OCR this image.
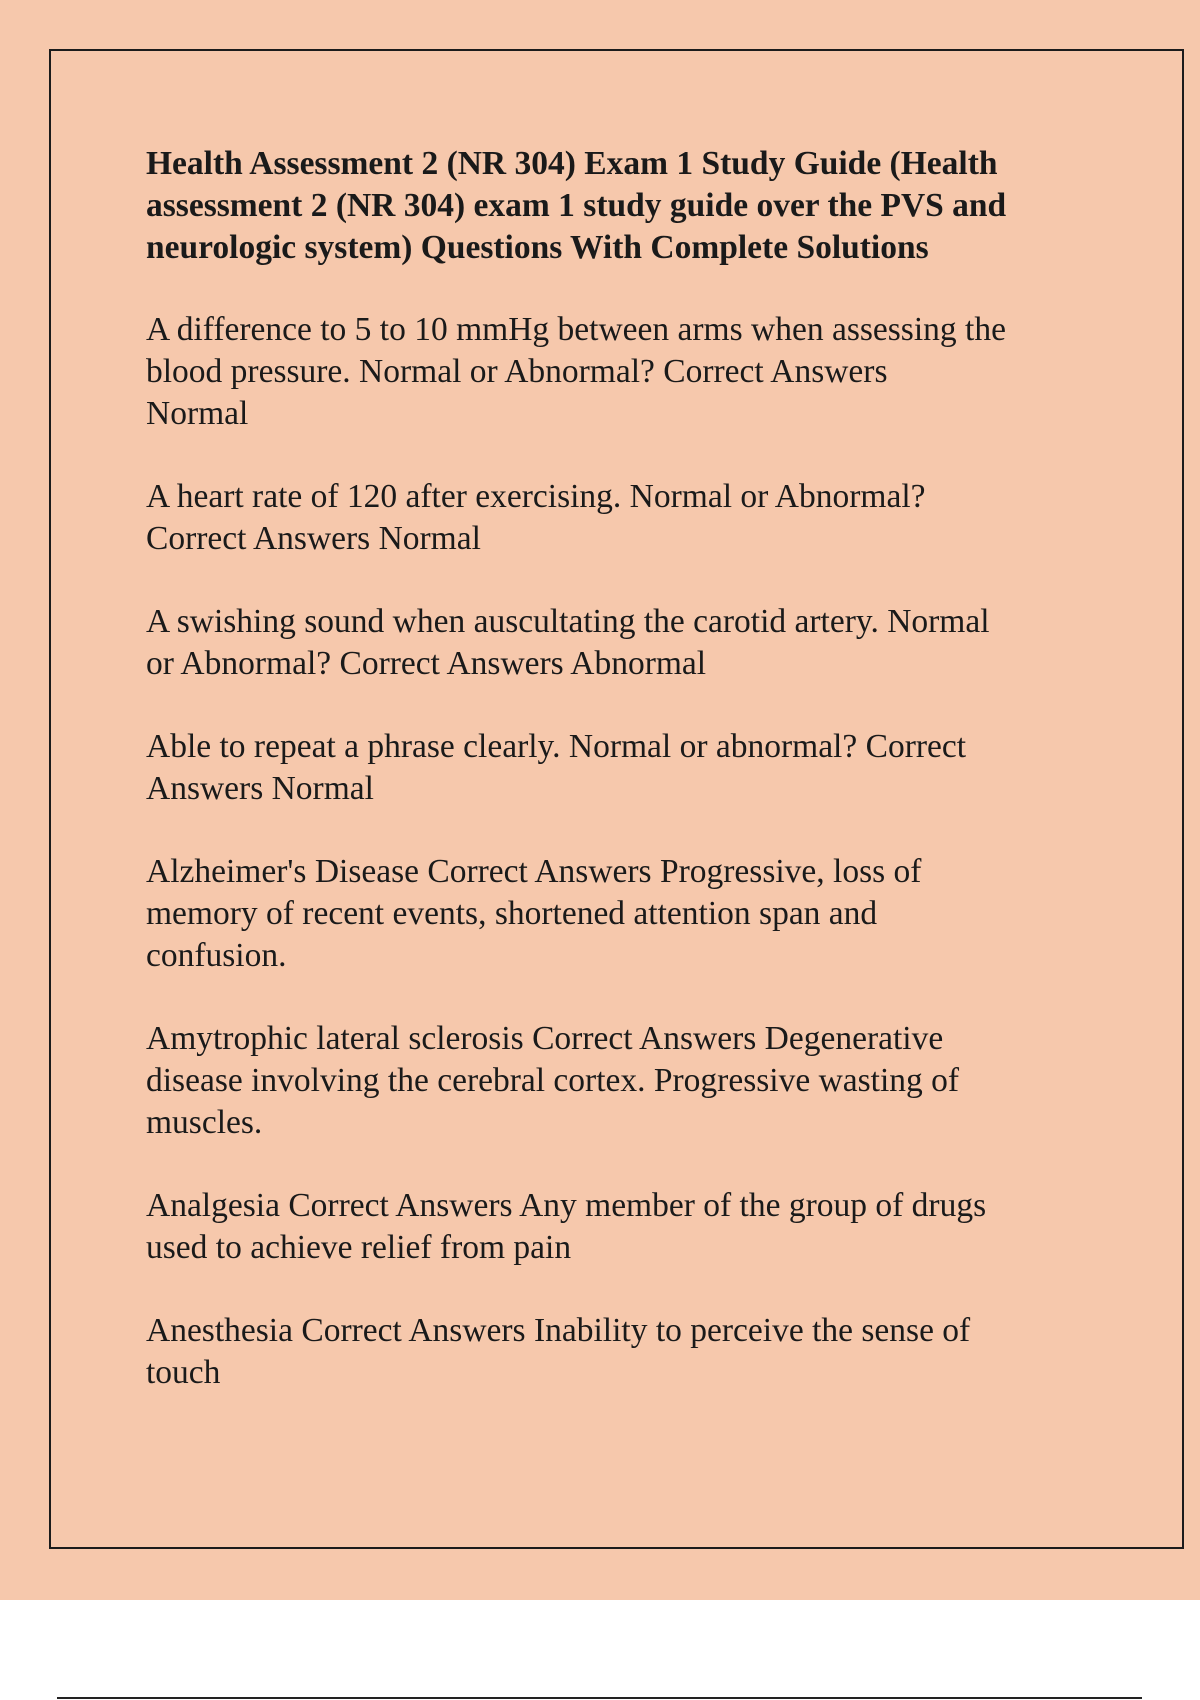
Health Assessment 2 (NR 304) Exam 1 Study Guide (Health
assessment 2 (NR 304) exam 1 study guide over the PVS and
neurologic system) Questions With Complete Solutions

A difference to 5 to 10 mmHg between arms when assessing the
blood pressure. Normal or Abnormal? Correct Answers
Normal

A heart rate of 120 after exercising. Normal or Abnormal?
Correct Answers Normal

A swishing sound when auscultating the carotid artery. Normal
or Abnormal? Correct Answers Abnormal

Able to repeat a phrase clearly. Normal or abnormal? Correct
Answers Normal

Alzheimer's Disease Correct Answers Progressive, loss of
memory of recent events, shortened attention span and
confusion.

Amytrophic lateral sclerosis Correct Answers Degenerative
disease involving the cerebral cortex. Progressive wasting of
muscles.

Analgesia Correct Answers Any member of the group of drugs
used to achieve relief from pain

Anesthesia Correct Answers Inability to perceive the sense of
touch
